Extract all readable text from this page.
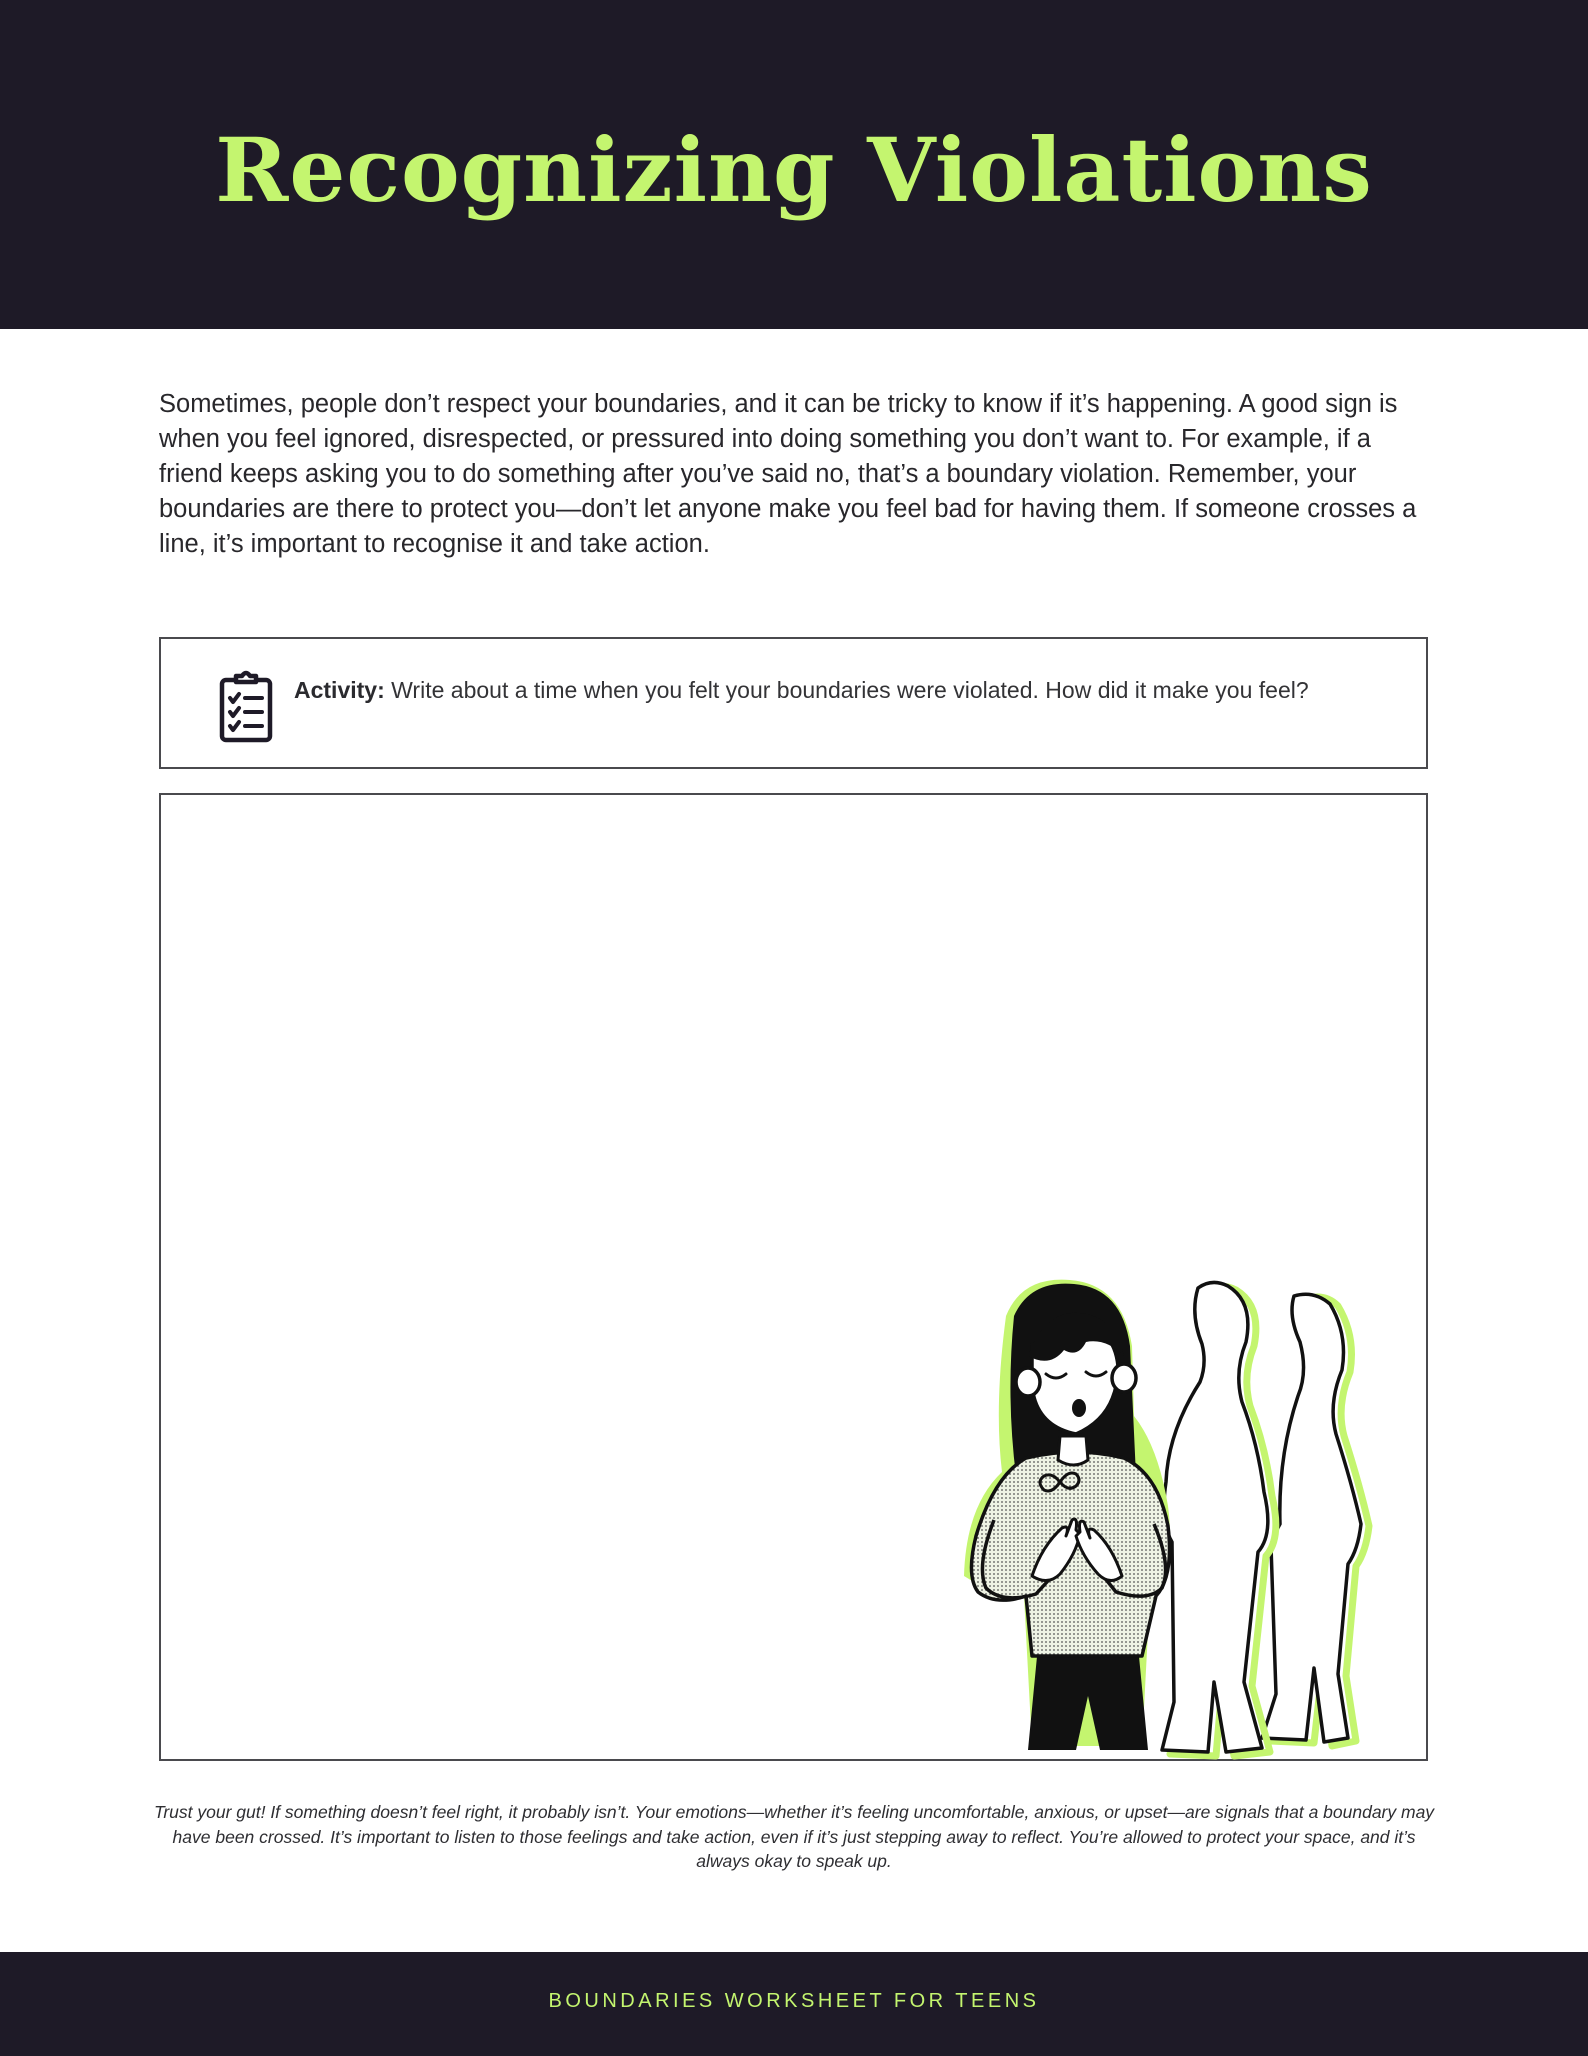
Recognizing Violations

Sometimes, people don’t respect your boundaries, and it can be tricky to know if it’s happening. A good sign is when you feel ignored, disrespected, or pressured into doing something you don’t want to. For example, if a friend keeps asking you to do something after you’ve said no, that’s a boundary violation. Remember, your boundaries are there to protect you—don’t let anyone make you feel bad for having them. If someone crosses a line, it’s important to recognise it and take action.

Activity: Write about a time when you felt your boundaries were violated. How did it make you feel?

Trust your gut! If something doesn’t feel right, it probably isn’t. Your emotions—whether it’s feeling uncomfortable, anxious, or upset—are signals that a boundary may have been crossed. It’s important to listen to those feelings and take action, even if it’s just stepping away to reflect. You’re allowed to protect your space, and it’s always okay to speak up.

BOUNDARIES WORKSHEET FOR TEENS
